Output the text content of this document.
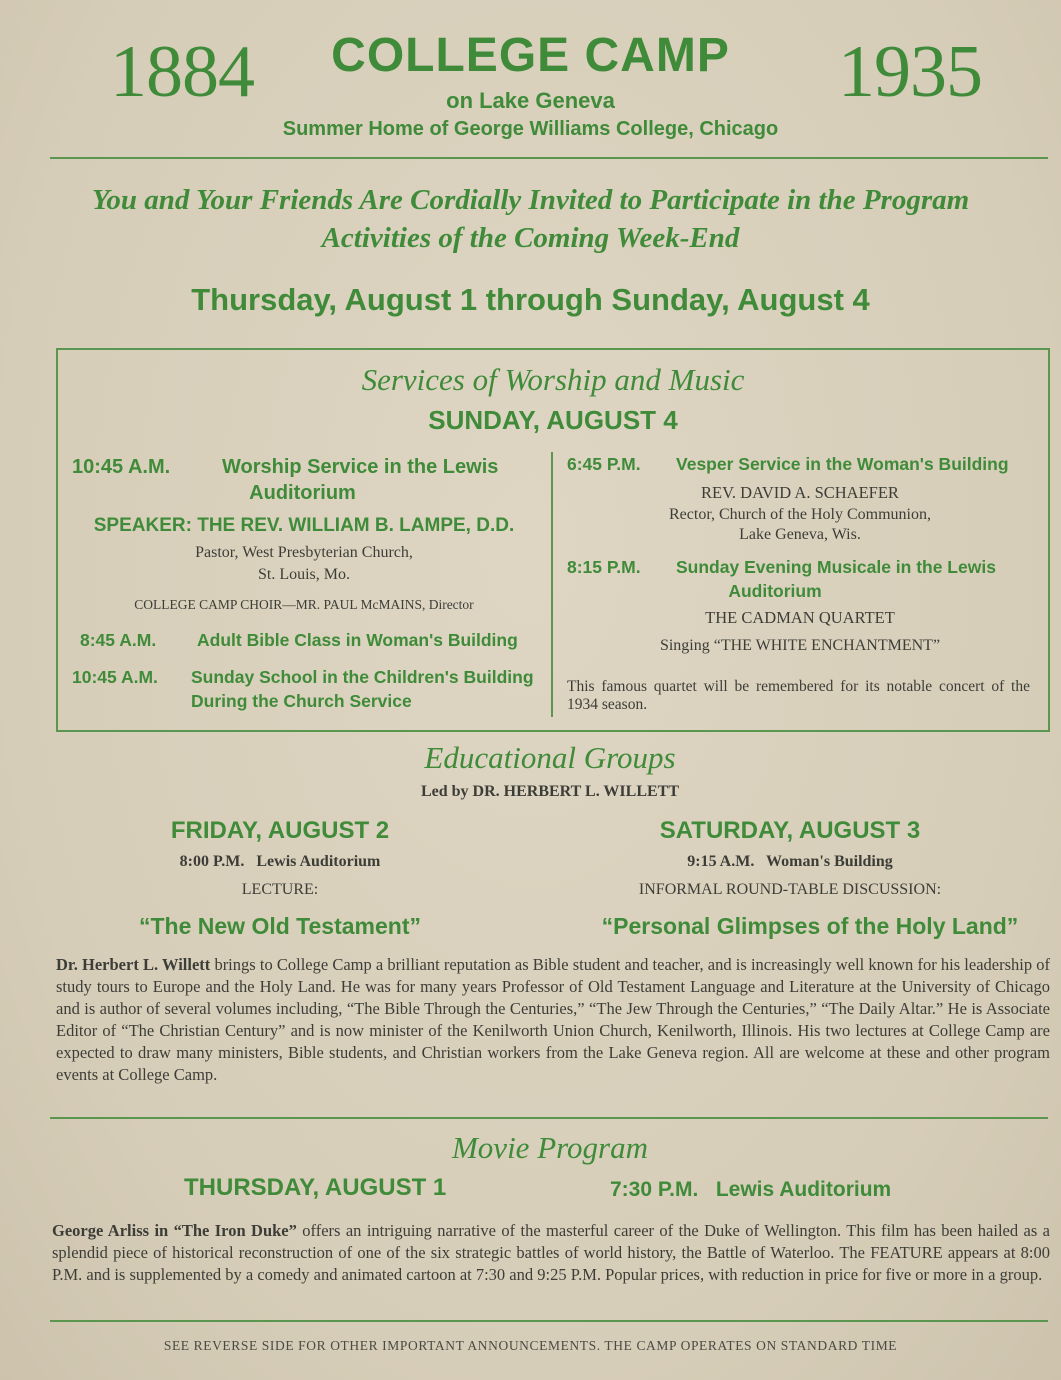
1884	1935
COLLEGE CAMP
on Lake Geneva
Summer Home of George Williams College, Chicago
You and Your Friends Are Cordially Invited to Participate in the Program
Activities of the Coming Week-End
Thursday, August 1 through Sunday, August 4
Services of Worship and Music
SUNDAY, AUGUST 4
10:45 A.M.	Worship Service in the Lewis
Auditorium
SPEAKER: THE REV. WILLIAM B. LAMPE, D.D.
Pastor, West Presbyterian Church,
St. Louis, Mo.
COLLEGE CAMP CHOIR—MR. PAUL McMAINS, Director
8:45 A.M. Adult Bible Class in Woman's Building
10:45 A.M. Sunday School in the Children's Building
During the Church Service
6:45 P.M. Vesper Service in the Woman's Building
REV. DAVID A. SCHAEFER
Rector, Church of the Holy Communion,
Lake Geneva, Wis.
8:15 P.M. Sunday Evening Musicale in the Lewis
Auditorium
THE CADMAN QUARTET
Singing “THE WHITE ENCHANTMENT”
This famous quartet will be remembered for its notable concert of the 1934 season.
Educational Groups
Led by DR. HERBERT L. WILLETT
FRIDAY, AUGUST 2
8:00 P.M.   Lewis Auditorium
LECTURE:
“The New Old Testament”
SATURDAY, AUGUST 3
9:15 A.M.   Woman's Building
INFORMAL ROUND-TABLE DISCUSSION:
“Personal Glimpses of the Holy Land”
Dr. Herbert L. Willett brings to College Camp a brilliant reputation as Bible student and teacher, and is increasingly well known for his leadership of study tours to Europe and the Holy Land. He was for many years Professor of Old Testament Language and Literature at the University of Chicago and is author of several volumes including, “The Bible Through the Centuries,” “The Jew Through the Centuries,” “The Daily Altar.” He is Associate Editor of “The Christian Century” and is now minister of the Kenilworth Union Church, Kenilworth, Illinois. His two lectures at College Camp are expected to draw many ministers, Bible students, and Christian workers from the Lake Geneva region. All are welcome at these and other program events at College Camp.
Movie Program
THURSDAY, AUGUST 1	7:30 P.M.   Lewis Auditorium
George Arliss in “The Iron Duke” offers an intriguing narrative of the masterful career of the Duke of Wellington. This film has been hailed as a splendid piece of historical reconstruction of one of the six strategic battles of world history, the Battle of Waterloo. The FEATURE appears at 8:00 P.M. and is supplemented by a comedy and animated cartoon at 7:30 and 9:25 P.M. Popular prices, with reduction in price for five or more in a group.
SEE REVERSE SIDE FOR OTHER IMPORTANT ANNOUNCEMENTS. THE CAMP OPERATES ON STANDARD TIME
